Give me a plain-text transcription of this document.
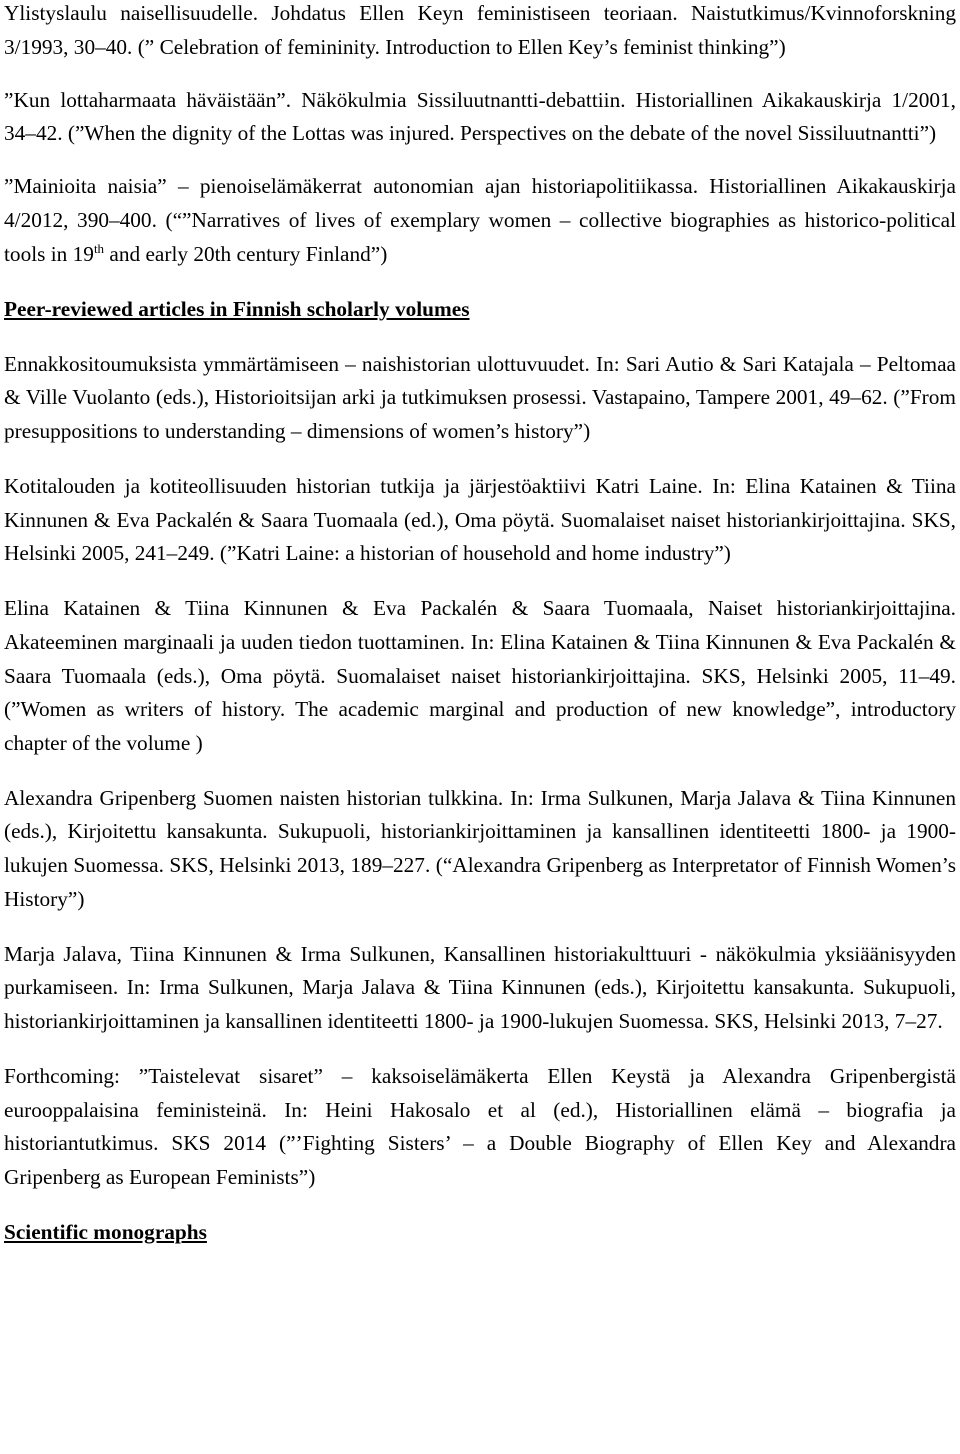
Ylistyslaulu naisellisuudelle. Johdatus Ellen Keyn feministiseen teoriaan. Naistutkimus/Kvinnoforskning 3/1993, 30–40. (” Celebration of femininity. Introduction to Ellen Key’s feminist thinking”)

”Kun lottaharmaata häväistään”. Näkökulmia Sissiluutnantti-debattiin. Historiallinen Aikakauskirja 1/2001, 34–42. (”When the dignity of the Lottas was injured. Perspectives on the debate of the novel Sissiluutnantti”)

”Mainioita naisia” – pienoiselämäkerrat autonomian ajan historiapolitiikassa. Historiallinen Aikakauskirja 4/2012, 390–400. (“”Narratives of lives of exemplary women – collective biographies as historico-political tools in 19th and early 20th century Finland”)

Peer-reviewed articles in Finnish scholarly volumes

Ennakkositoumuksista ymmärtämiseen – naishistorian ulottuvuudet. In: Sari Autio & Sari Katajala – Peltomaa & Ville Vuolanto (eds.), Historioitsijan arki ja tutkimuksen prosessi. Vastapaino, Tampere 2001, 49–62. (”From presuppositions to understanding – dimensions of women’s history”)

Kotitalouden ja kotiteollisuuden historian tutkija ja järjestöaktiivi Katri Laine. In: Elina Katainen & Tiina Kinnunen & Eva Packalén & Saara Tuomaala (ed.), Oma pöytä. Suomalaiset naiset historiankirjoittajina. SKS, Helsinki 2005, 241–249. (”Katri Laine: a historian of household and home industry”)

Elina Katainen & Tiina Kinnunen & Eva Packalén & Saara Tuomaala, Naiset historiankirjoittajina. Akateeminen marginaali ja uuden tiedon tuottaminen. In: Elina Katainen & Tiina Kinnunen & Eva Packalén & Saara Tuomaala (eds.), Oma pöytä. Suomalaiset naiset historiankirjoittajina. SKS, Helsinki 2005, 11–49. (”Women as writers of history. The academic marginal and production of new knowledge”, introductory chapter of the volume )

Alexandra Gripenberg Suomen naisten historian tulkkina. In: Irma Sulkunen, Marja Jalava & Tiina Kinnunen (eds.), Kirjoitettu kansakunta. Sukupuoli, historiankirjoittaminen ja kansallinen identiteetti 1800- ja 1900-lukujen Suomessa. SKS, Helsinki 2013, 189–227. (“Alexandra Gripenberg as Interpretator of Finnish Women’s History”)

Marja Jalava, Tiina Kinnunen & Irma Sulkunen, Kansallinen historiakulttuuri - näkökulmia yksiäänisyyden purkamiseen. In: Irma Sulkunen, Marja Jalava & Tiina Kinnunen (eds.), Kirjoitettu kansakunta. Sukupuoli, historiankirjoittaminen ja kansallinen identiteetti 1800- ja 1900-lukujen Suomessa. SKS, Helsinki 2013, 7–27.

Forthcoming: ”Taistelevat sisaret” – kaksoiselämäkerta Ellen Keystä ja Alexandra Gripenbergistä eurooppalaisina feministeinä. In: Heini Hakosalo et al (ed.), Historiallinen elämä – biografia ja historiantutkimus. SKS 2014 (”’Fighting Sisters’ – a Double Biography of Ellen Key and Alexandra Gripenberg as European Feminists”)

Scientific monographs
